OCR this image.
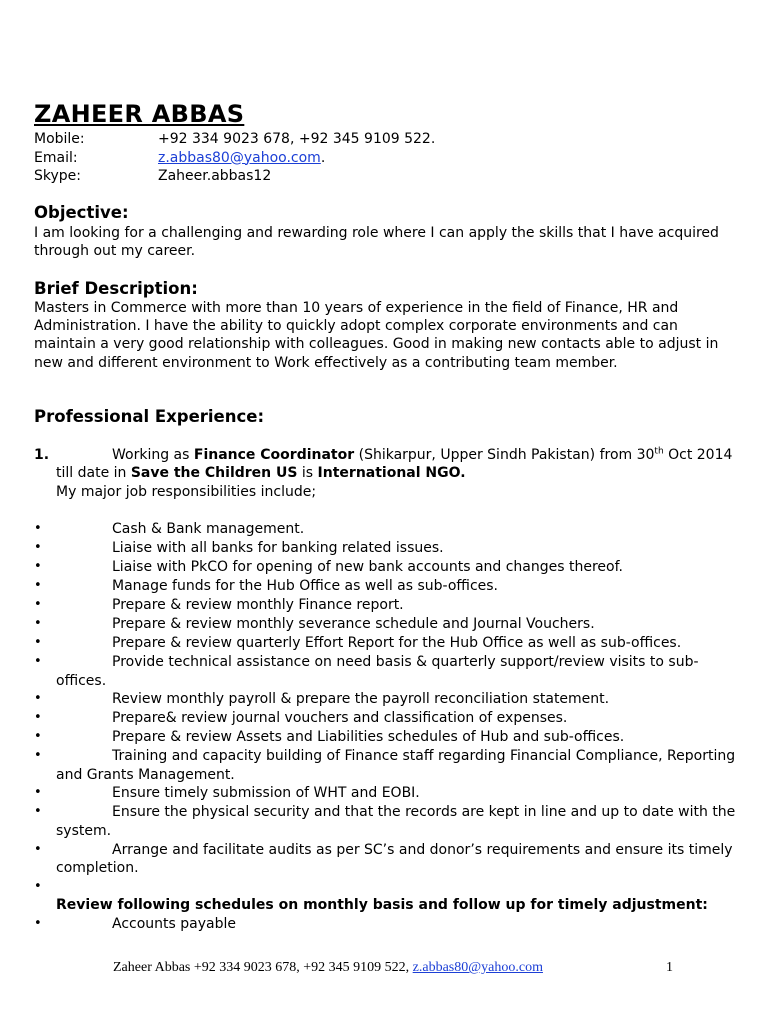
ZAHEER ABBAS
Mobile:	+92 334 9023 678, +92 345 9109 522.
Email:	z.abbas80@yahoo.com.
Skype:	Zaheer.abbas12
Objective:
I am looking for a challenging and rewarding role where I can apply the skills that I have acquired through out my career.
Brief Description:
Masters in Commerce with more than 10 years of experience in the field of Finance, HR and Administration. I have the ability to quickly adopt complex corporate environments and can maintain a very good relationship with colleagues. Good in making new contacts able to adjust in new and different environment to Work effectively as a contributing team member.
Professional Experience:
1.	Working as Finance Coordinator (Shikarpur, Upper Sindh Pakistan) from 30th Oct 2014 till date in Save the Children US is International NGO.
My major job responsibilities include;
•	Cash & Bank management.
•	Liaise with all banks for banking related issues.
•	Liaise with PkCO for opening of new bank accounts and changes thereof.
•	Manage funds for the Hub Office as well as sub-offices.
•	Prepare & review monthly Finance report.
•	Prepare & review monthly severance schedule and Journal Vouchers.
•	Prepare & review quarterly Effort Report for the Hub Office as well as sub-offices.
•	Provide technical assistance on need basis & quarterly support/review visits to sub-offices.
•	Review monthly payroll & prepare the payroll reconciliation statement.
•	Prepare& review journal vouchers and classification of expenses.
•	Prepare & review Assets and Liabilities schedules of Hub and sub-offices.
•	Training and capacity building of Finance staff regarding Financial Compliance, Reporting and Grants Management.
•	Ensure timely submission of WHT and EOBI.
•	Ensure the physical security and that the records are kept in line and up to date with the system.
•	Arrange and facilitate audits as per SC’s and donor’s requirements and ensure its timely completion.
•
Review following schedules on monthly basis and follow up for timely adjustment:
•	Accounts payable
Zaheer Abbas +92 334 9023 678, +92 345 9109 522, z.abbas80@yahoo.com	1
